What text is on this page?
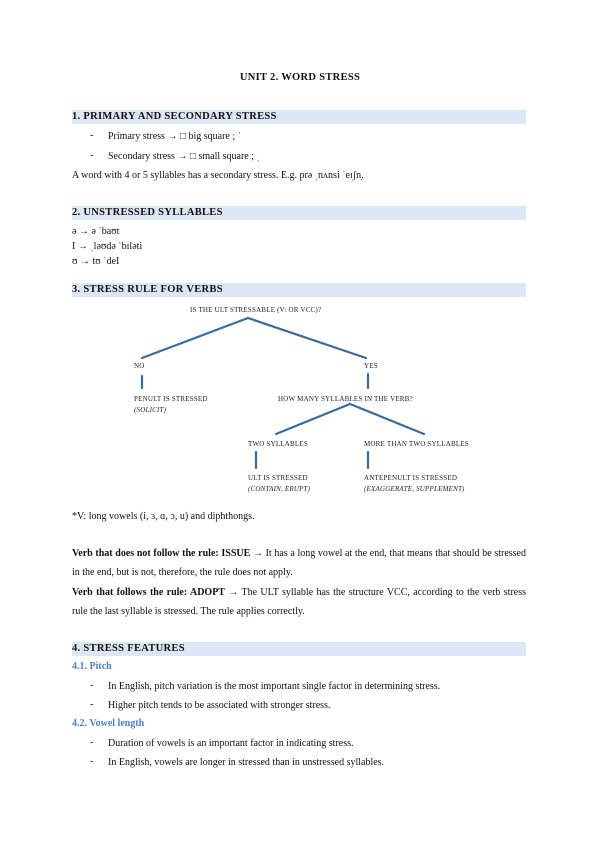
UNIT 2. WORD STRESS
1. PRIMARY AND SECONDARY STRESS
- Primary stress → □ big square ; ˈ
- Secondary stress → □ small square ; ˌ
A word with 4 or 5 syllables has a secondary stress. E.g. prə ˌnʌnsi ˈeɪʃn̩.
2. UNSTRESSED SYLLABLES
ə → ə ˈbaʊt
I → ˌləʊdə ˈbɪləti
ʊ → tʊ ˈdeI
3. STRESS RULE FOR VERBS
IS THE ULT STRESSABLE (V: OR VCC)?
NO	YES
PENULT IS STRESSED
(SOLICIT)
HOW MANY SYLLABLES IN THE VERB?
TWO SYLLABLES	MORE THAN TWO SYLLABLES
ULT IS STRESSED
(CONTAIN, ERUPT)
ANTEPENULT IS STRESSED
(EXAGGERATE, SUPPLEMENT)
*V: long vowels (i, ɜ, ɑ, ɔ, u) and diphthongs.
Verb that does not follow the rule: ISSUE → It has a long vowel at the end, that means that should be stressed in the end, but is not, therefore, the rule does not apply.
Verb that follows the rule: ADOPT → The ULT syllable has the structure VCC, according to the verb stress rule the last syllable is stressed. The rule applies correctly.
4. STRESS FEATURES
4.1. Pitch
- In English, pitch variation is the most important single factor in determining stress.
- Higher pitch tends to be associated with stronger stress.
4.2. Vowel length
- Duration of vowels is an important factor in indicating stress.
- In English, vowels are longer in stressed than in unstressed syllables.
